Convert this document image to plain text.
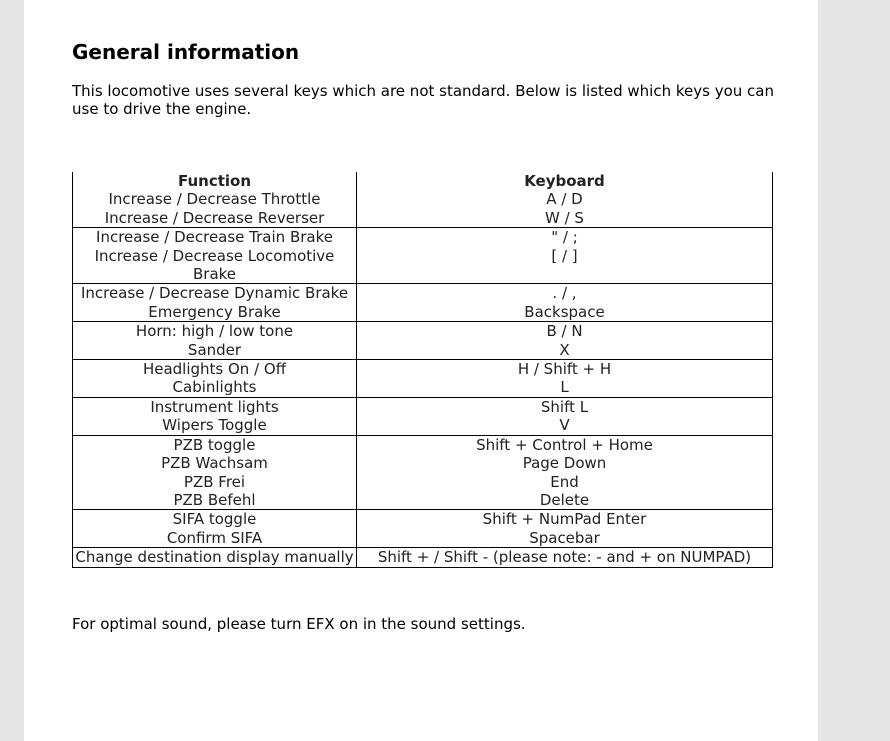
General information

This locomotive uses several keys which are not standard. Below is listed which keys you can use to drive the engine.

Function	Keyboard
Increase / Decrease Throttle	A / D
Increase / Decrease Reverser	W / S
Increase / Decrease Train Brake	" / ;
Increase / Decrease Locomotive Brake	[ / ]
Increase / Decrease Dynamic Brake	. / ,
Emergency Brake	Backspace
Horn: high / low tone	B / N
Sander	X
Headlights On / Off	H / Shift + H
Cabinlights	L
Instrument lights	Shift L
Wipers Toggle	V
PZB toggle	Shift + Control + Home
PZB Wachsam	Page Down
PZB Frei	End
PZB Befehl	Delete
SIFA toggle	Shift + NumPad Enter
Confirm SIFA	Spacebar
Change destination display manually	Shift + / Shift - (please note: - and + on NUMPAD)

For optimal sound, please turn EFX on in the sound settings.
